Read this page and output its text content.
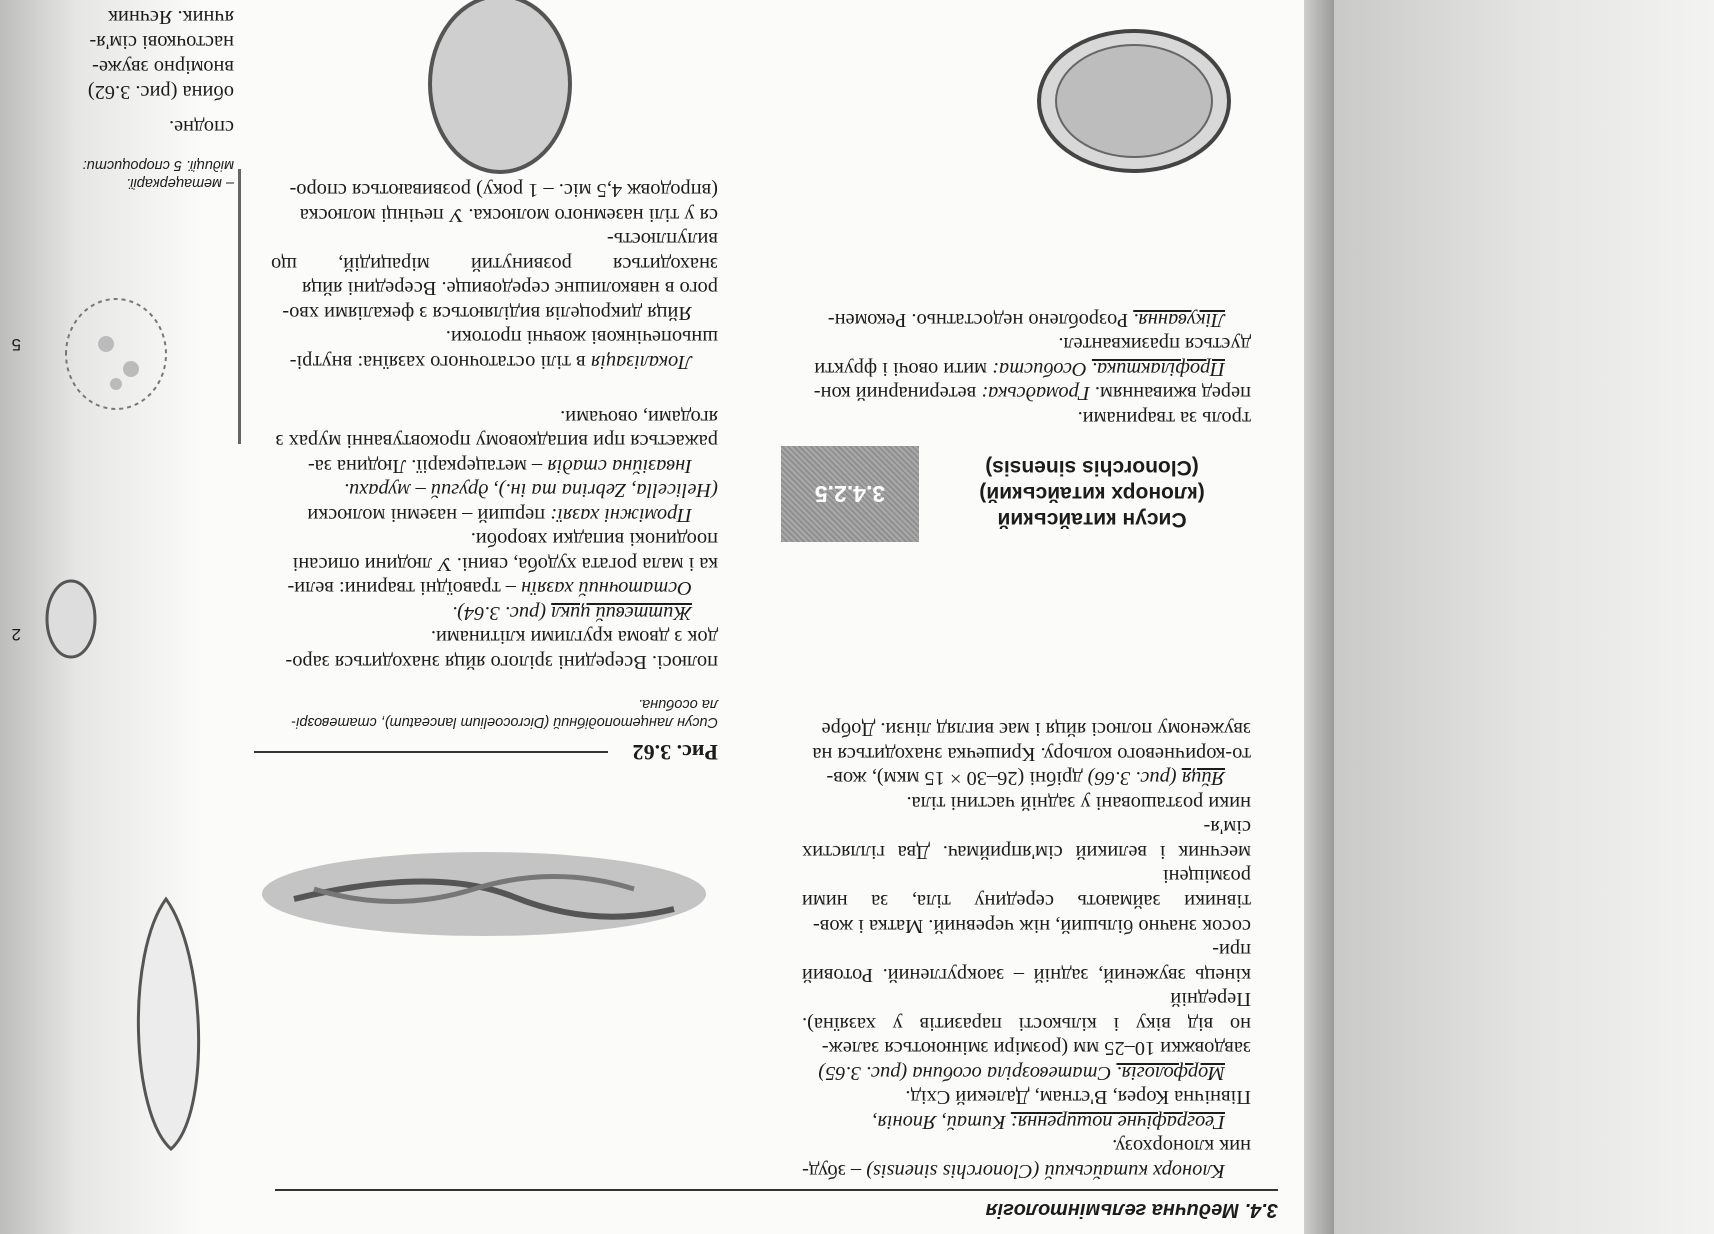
3.4. Медична гельмінтологія

Клонорх китайський (Clonorchis sinensis) – збуд-

ник клонорхозу.

Географічне поширення: Китай, Японія,

Північна Корея, В'єтнам, Далекий Схід.

Морфологія. Статевозріла особина (рис. 3.65)

завдовжки 10–25 мм (розміри змінюються залеж-

но від віку і кількості паразитів у хазяїна). Передній

кінець звужений, задній – заокруглений. Ротовий при-

сосок значно більший, ніж черевний. Матка і жов-

тівники займають середину тіла, за ними розміщені

меєчник і великий сім'яприймач. Два гіллястих сім'я-

ники розташовані у задній частині тіла.

Яйця (рис. 3.66) дрібні (26–30 × 15 мкм), жов-

то-коричневого кольору. Кришечка знаходиться на

звуженому полюсі яйця і має вигляд лінзи. Добре

Сисун китайський
(клонорх китайський)
(Clonorchis sinensis)
3.4.2.5

троль за тваринами.

перед вживанням. Громадська: ветеринарний кон-

Профілактика. Особиста: мити овочі і фрукти

дується празиквантел.

Лікування. Розроблено недостатньо. Рекомен-

Рис. 3.62
Сисун ланцетоподібний (Dicrocoelium lanceatum), статевозрі-
ла особина.

полюсі. Всередині зрілого яйця знаходиться заро-

док з двома круглими клітинами.

Життєвий цикл (рис. 3.64).

Остаточний хазяїн – травоїдні тварини: вели-

ка і мала рогата худоба, свині. У людини описані

поодинокі випадки хвороби.

Проміжні хазяї: перший – наземні молюски

(Helicella, Zebrina та ін.), другий – мурахи.

Інвазійна стадія – метацеркарії. Людина за-

ражається при випадковому проковтуванні мурах з

ягодами, овочами.

Локалізація в тілі остаточного хазяїна: внутрі-

шньопечінкові жовчні протоки.

Яйця дикроцелія виділяються з фекаліями хво-

рого в навколишнє середовище. Всередині яйця

знаходиться розвинутий мірацидій, що вилуплюєть-

ся у тілі наземного молюска. У печінці молюска

(впродовж 4,5 міс. – 1 року) розвиваються споро-

ячник. Яєчник
насточкові сім'я-
вномірно звуже-
обина (рис. 3.62)
сподне.
мідиції. 5 спороцисти:
– метацеркарії.
2
5
